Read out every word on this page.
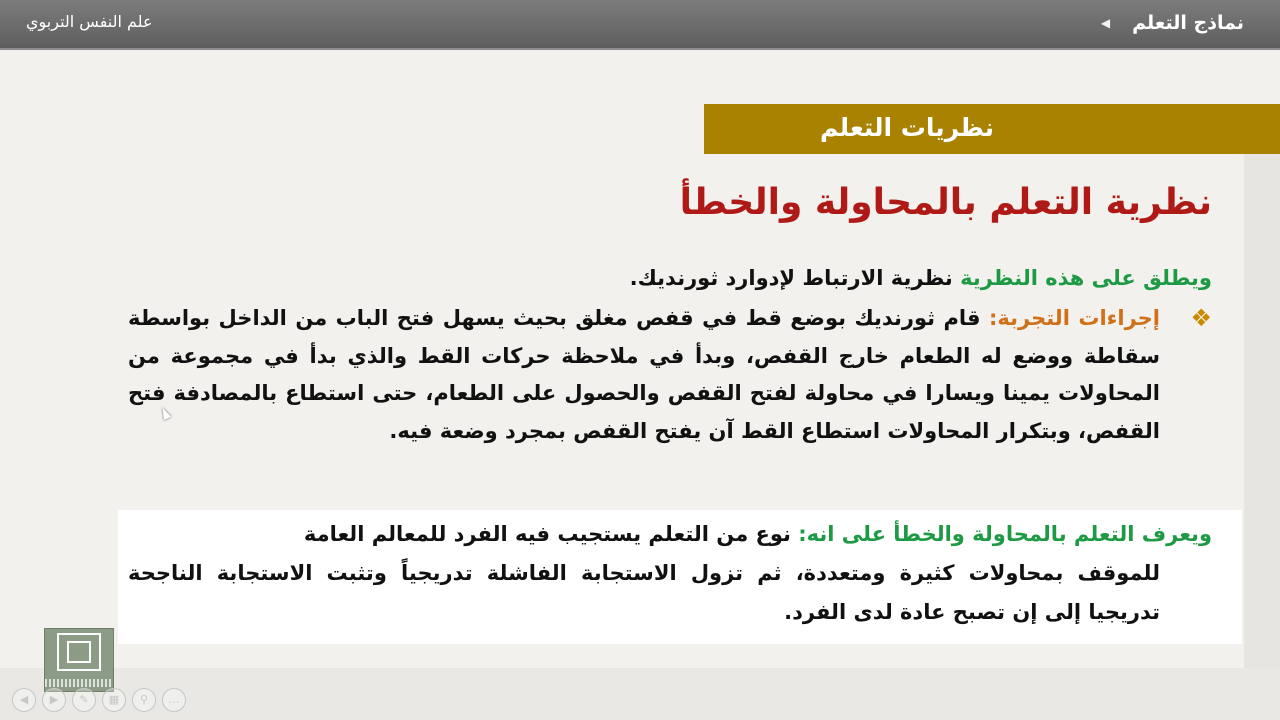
علم النفس التربوي	نماذج التعلم
◀
نظريات التعلم
نظرية التعلم بالمحاولة والخطأ
ويطلق على هذه النظرية نظرية الارتباط لإدوارد ثورنديك.
❖
إجراءات التجربة: قام ثورنديك بوضع قط في قفص مغلق بحيث يسهل فتح الباب من الداخل بواسطة سقاطة ووضع له الطعام خارج القفص، وبدأ في ملاحظة حركات القط والذي بدأ في مجموعة من المحاولات يمينا ويسارا في محاولة لفتح القفص والحصول على الطعام، حتى استطاع بالمصادفة فتح القفص، وبتكرار المحاولات استطاع القط آن يفتح القفص بمجرد وضعة فيه.
ويعرف التعلم بالمحاولة والخطأ على انه: نوع من التعلم يستجيب فيه الفرد للمعالم العامة
للموقف بمحاولات كثيرة ومتعددة، ثم تزول الاستجابة الفاشلة تدريجياً وتثبت الاستجابة الناجحة تدريجيا إلى إن تصبح عادة لدى الفرد.
◀	▶	✎	▦	⚲	…
